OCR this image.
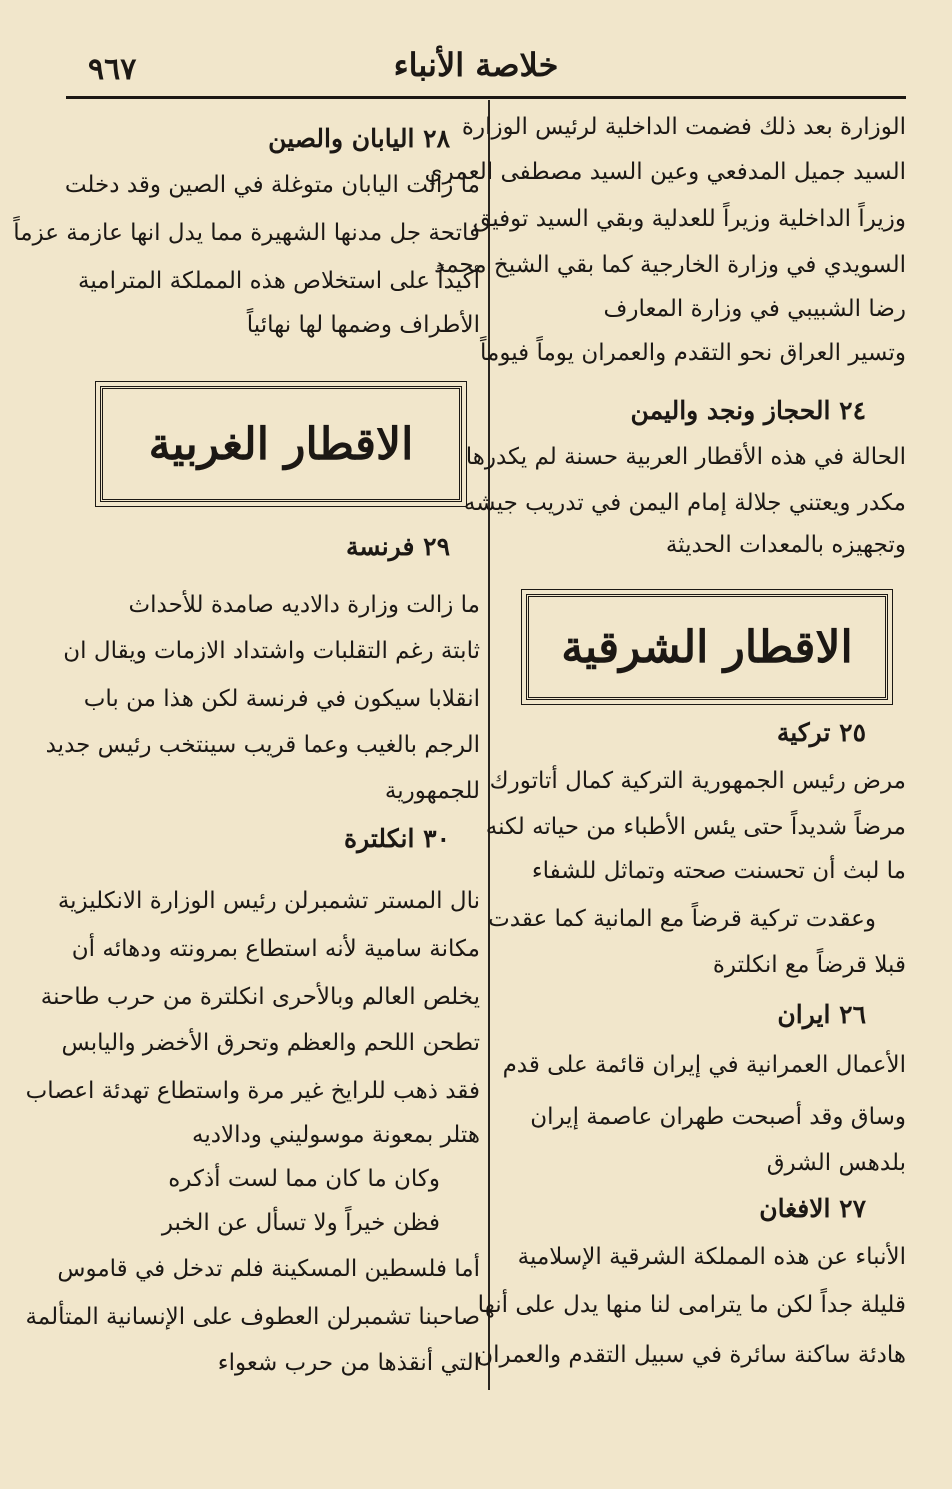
٩٦٧	خلاصة الأنباء
الوزارة بعد ذلك فضمت الداخلية لرئيس الوزارة
السيد جميل المدفعي وعين السيد مصطفى العمري
وزيراً الداخلية وزيراً للعدلية وبقي السيد توفيق
السويدي في وزارة الخارجية كما بقي الشيخ محمد
رضا الشبيبي في وزارة المعارف
وتسير العراق نحو التقدم والعمران يوماً فيوماً
٢٤ الحجاز ونجد واليمن
الحالة في هذه الأقطار العربية حسنة لم يكدرها
مكدر ويعتني جلالة إمام اليمن في تدريب جيشه
وتجهيزه بالمعدات الحديثة
٢٥ تركية
مرض رئيس الجمهورية التركية كمال أتاتورك
مرضاً شديداً حتى يئس الأطباء من حياته لكنه
ما لبث أن تحسنت صحته وتماثل للشفاء
وعقدت تركية قرضاً مع المانية كما عقدت
قبلا قرضاً مع انكلترة
٢٦ ايران
الأعمال العمرانية في إيران قائمة على قدم
وساق وقد أصبحت طهران عاصمة إيران
بلدهس الشرق
٢٧ الافغان
الأنباء عن هذه المملكة الشرقية الإسلامية
قليلة جداً لكن ما يترامى لنا منها يدل على أنها
هادئة ساكنة سائرة في سبيل التقدم والعمران
الاقطار الشرقية
٢٨ اليابان والصين
ما زالت اليابان متوغلة في الصين وقد دخلت
فاتحة جل مدنها الشهيرة مما يدل انها عازمة عزماً
أكيداً على استخلاص هذه المملكة المترامية
الأطراف وضمها لها نهائياً
٢٩ فرنسة
ما زالت وزارة دالاديه صامدة للأحداث
ثابتة رغم التقلبات واشتداد الازمات ويقال ان
انقلابا سيكون في فرنسة لكن هذا من باب
الرجم بالغيب وعما قريب سينتخب رئيس جديد
للجمهورية
٣٠ انكلترة
نال المستر تشمبرلن رئيس الوزارة الانكليزية
مكانة سامية لأنه استطاع بمرونته ودهائه أن
يخلص العالم وبالأحرى انكلترة من حرب طاحنة
تطحن اللحم والعظم وتحرق الأخضر واليابس
فقد ذهب للرايخ غير مرة واستطاع تهدئة اعصاب
هتلر بمعونة موسوليني ودالاديه
وكان ما كان مما لست أذكره
فظن خيراً ولا تسأل عن الخبر
أما فلسطين المسكينة فلم تدخل في قاموس
صاحبنا تشمبرلن العطوف على الإنسانية المتألمة
التي أنقذها من حرب شعواء
الاقطار الغربية
